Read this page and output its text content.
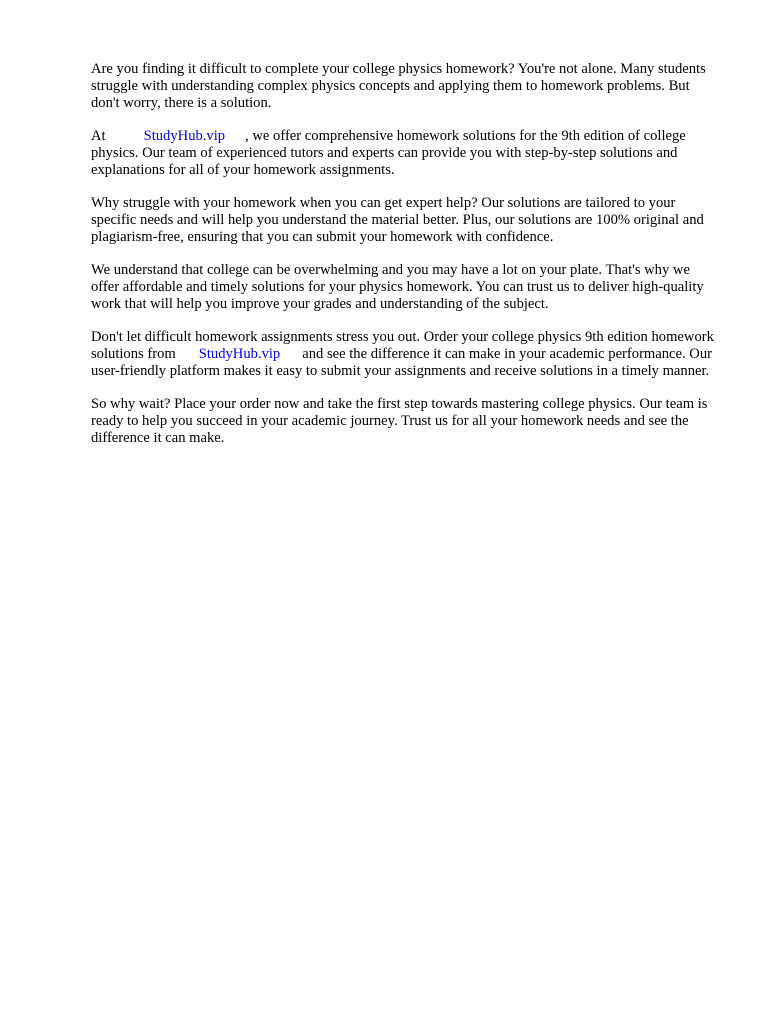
Are you finding it difficult to complete your college physics homework? You're not alone. Many students struggle with understanding complex physics concepts and applying them to homework problems. But don't worry, there is a solution.

At	StudyHub.vip , we offer comprehensive homework solutions for the 9th edition of college physics. Our team of experienced tutors and experts can provide you with step-by-step solutions and explanations for all of your homework assignments.

Why struggle with your homework when you can get expert help? Our solutions are tailored to your specific needs and will help you understand the material better. Plus, our solutions are 100% original and plagiarism-free, ensuring that you can submit your homework with confidence.

We understand that college can be overwhelming and you may have a lot on your plate. That's why we offer affordable and timely solutions for your physics homework. You can trust us to deliver high-quality work that will help you improve your grades and understanding of the subject.

Don't let difficult homework assignments stress you out. Order your college physics 9th edition homework solutions from StudyHub.vip and see the difference it can make in your academic performance. Our user-friendly platform makes it easy to submit your assignments and receive solutions in a timely manner.

So why wait? Place your order now and take the first step towards mastering college physics. Our team is ready to help you succeed in your academic journey. Trust us for all your homework needs and see the difference it can make.
